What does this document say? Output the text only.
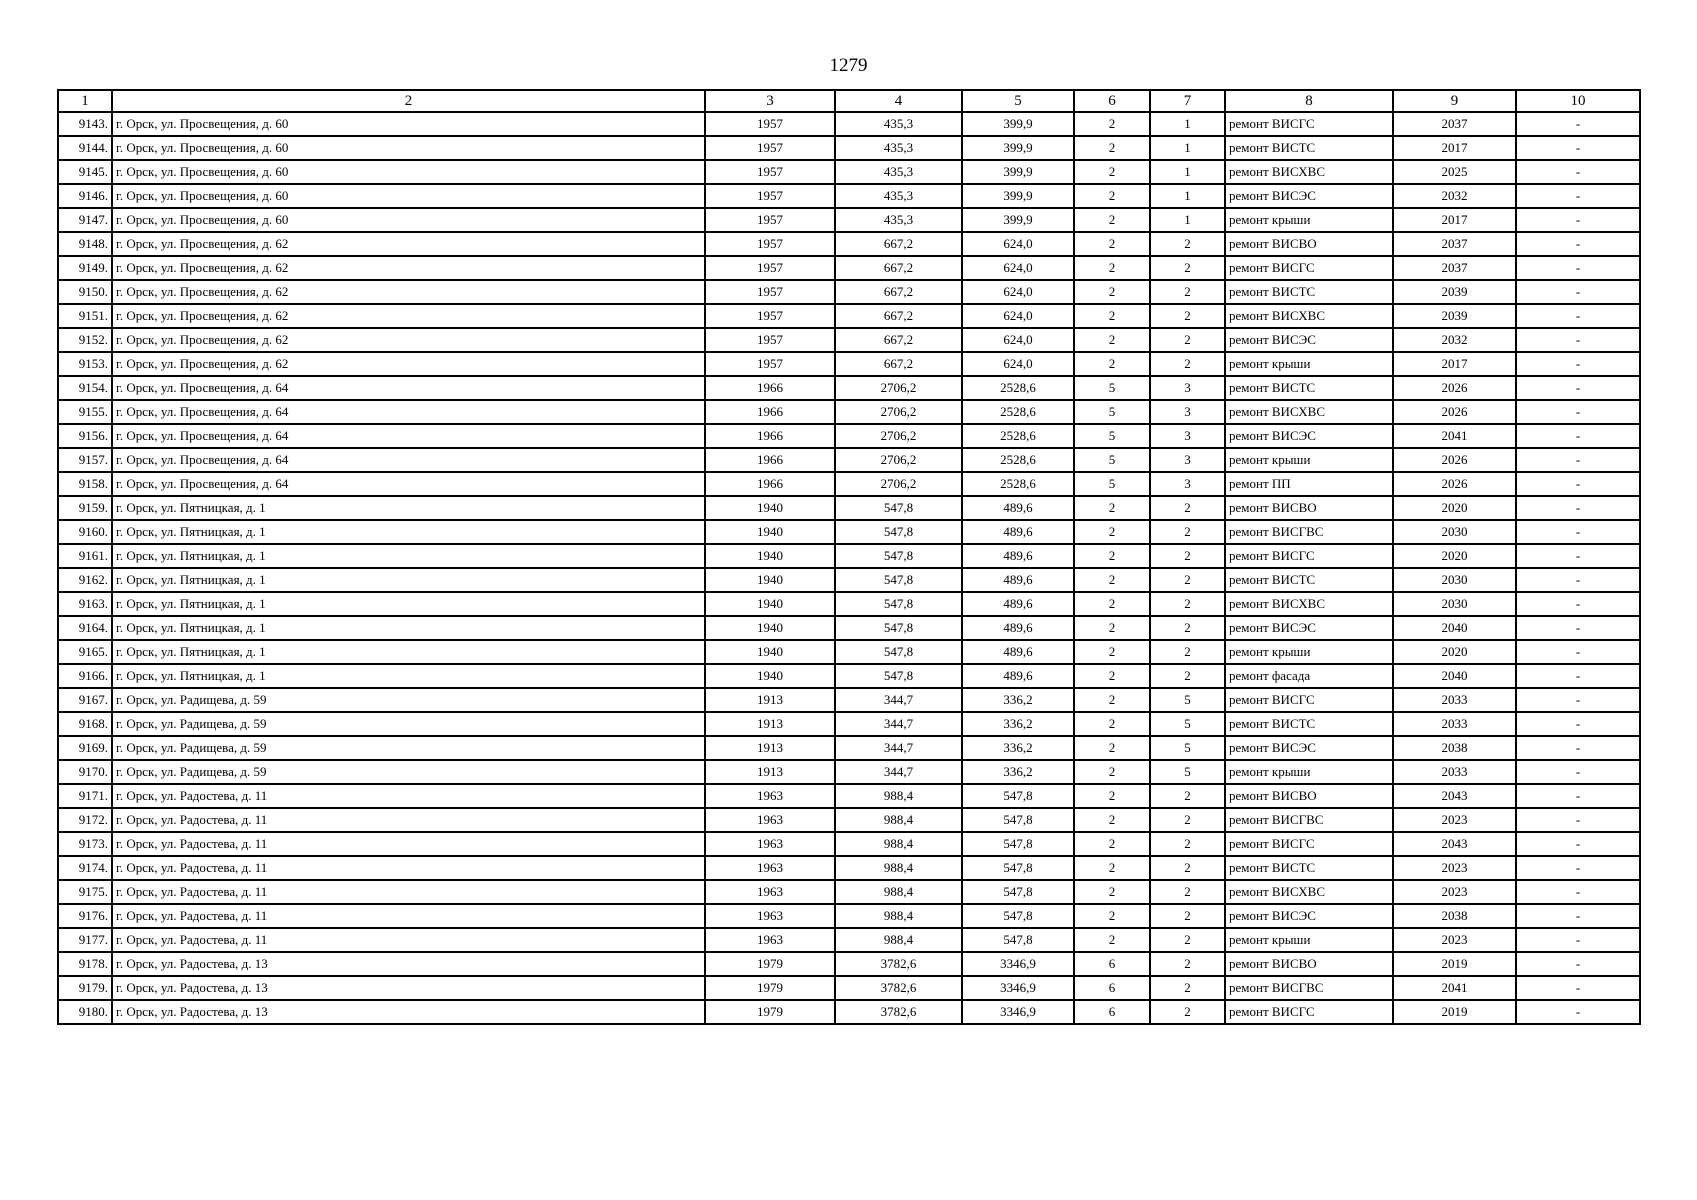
1279
1	2	3	4	5	6	7	8	9	10
9143.	г. Орск, ул. Просвещения, д. 60	1957	435,3	399,9	2	1	ремонт ВИСГС	2037	-
9144.	г. Орск, ул. Просвещения, д. 60	1957	435,3	399,9	2	1	ремонт ВИСТС	2017	-
9145.	г. Орск, ул. Просвещения, д. 60	1957	435,3	399,9	2	1	ремонт ВИСХВС	2025	-
9146.	г. Орск, ул. Просвещения, д. 60	1957	435,3	399,9	2	1	ремонт ВИСЭС	2032	-
9147.	г. Орск, ул. Просвещения, д. 60	1957	435,3	399,9	2	1	ремонт крыши	2017	-
9148.	г. Орск, ул. Просвещения, д. 62	1957	667,2	624,0	2	2	ремонт ВИСВО	2037	-
9149.	г. Орск, ул. Просвещения, д. 62	1957	667,2	624,0	2	2	ремонт ВИСГС	2037	-
9150.	г. Орск, ул. Просвещения, д. 62	1957	667,2	624,0	2	2	ремонт ВИСТС	2039	-
9151.	г. Орск, ул. Просвещения, д. 62	1957	667,2	624,0	2	2	ремонт ВИСХВС	2039	-
9152.	г. Орск, ул. Просвещения, д. 62	1957	667,2	624,0	2	2	ремонт ВИСЭС	2032	-
9153.	г. Орск, ул. Просвещения, д. 62	1957	667,2	624,0	2	2	ремонт крыши	2017	-
9154.	г. Орск, ул. Просвещения, д. 64	1966	2706,2	2528,6	5	3	ремонт ВИСТС	2026	-
9155.	г. Орск, ул. Просвещения, д. 64	1966	2706,2	2528,6	5	3	ремонт ВИСХВС	2026	-
9156.	г. Орск, ул. Просвещения, д. 64	1966	2706,2	2528,6	5	3	ремонт ВИСЭС	2041	-
9157.	г. Орск, ул. Просвещения, д. 64	1966	2706,2	2528,6	5	3	ремонт крыши	2026	-
9158.	г. Орск, ул. Просвещения, д. 64	1966	2706,2	2528,6	5	3	ремонт ПП	2026	-
9159.	г. Орск, ул. Пятницкая, д. 1	1940	547,8	489,6	2	2	ремонт ВИСВО	2020	-
9160.	г. Орск, ул. Пятницкая, д. 1	1940	547,8	489,6	2	2	ремонт ВИСГВС	2030	-
9161.	г. Орск, ул. Пятницкая, д. 1	1940	547,8	489,6	2	2	ремонт ВИСГС	2020	-
9162.	г. Орск, ул. Пятницкая, д. 1	1940	547,8	489,6	2	2	ремонт ВИСТС	2030	-
9163.	г. Орск, ул. Пятницкая, д. 1	1940	547,8	489,6	2	2	ремонт ВИСХВС	2030	-
9164.	г. Орск, ул. Пятницкая, д. 1	1940	547,8	489,6	2	2	ремонт ВИСЭС	2040	-
9165.	г. Орск, ул. Пятницкая, д. 1	1940	547,8	489,6	2	2	ремонт крыши	2020	-
9166.	г. Орск, ул. Пятницкая, д. 1	1940	547,8	489,6	2	2	ремонт фасада	2040	-
9167.	г. Орск, ул. Радищева, д. 59	1913	344,7	336,2	2	5	ремонт ВИСГС	2033	-
9168.	г. Орск, ул. Радищева, д. 59	1913	344,7	336,2	2	5	ремонт ВИСТС	2033	-
9169.	г. Орск, ул. Радищева, д. 59	1913	344,7	336,2	2	5	ремонт ВИСЭС	2038	-
9170.	г. Орск, ул. Радищева, д. 59	1913	344,7	336,2	2	5	ремонт крыши	2033	-
9171.	г. Орск, ул. Радостева, д. 11	1963	988,4	547,8	2	2	ремонт ВИСВО	2043	-
9172.	г. Орск, ул. Радостева, д. 11	1963	988,4	547,8	2	2	ремонт ВИСГВС	2023	-
9173.	г. Орск, ул. Радостева, д. 11	1963	988,4	547,8	2	2	ремонт ВИСГС	2043	-
9174.	г. Орск, ул. Радостева, д. 11	1963	988,4	547,8	2	2	ремонт ВИСТС	2023	-
9175.	г. Орск, ул. Радостева, д. 11	1963	988,4	547,8	2	2	ремонт ВИСХВС	2023	-
9176.	г. Орск, ул. Радостева, д. 11	1963	988,4	547,8	2	2	ремонт ВИСЭС	2038	-
9177.	г. Орск, ул. Радостева, д. 11	1963	988,4	547,8	2	2	ремонт крыши	2023	-
9178.	г. Орск, ул. Радостева, д. 13	1979	3782,6	3346,9	6	2	ремонт ВИСВО	2019	-
9179.	г. Орск, ул. Радостева, д. 13	1979	3782,6	3346,9	6	2	ремонт ВИСГВС	2041	-
9180.	г. Орск, ул. Радостева, д. 13	1979	3782,6	3346,9	6	2	ремонт ВИСГС	2019	-
